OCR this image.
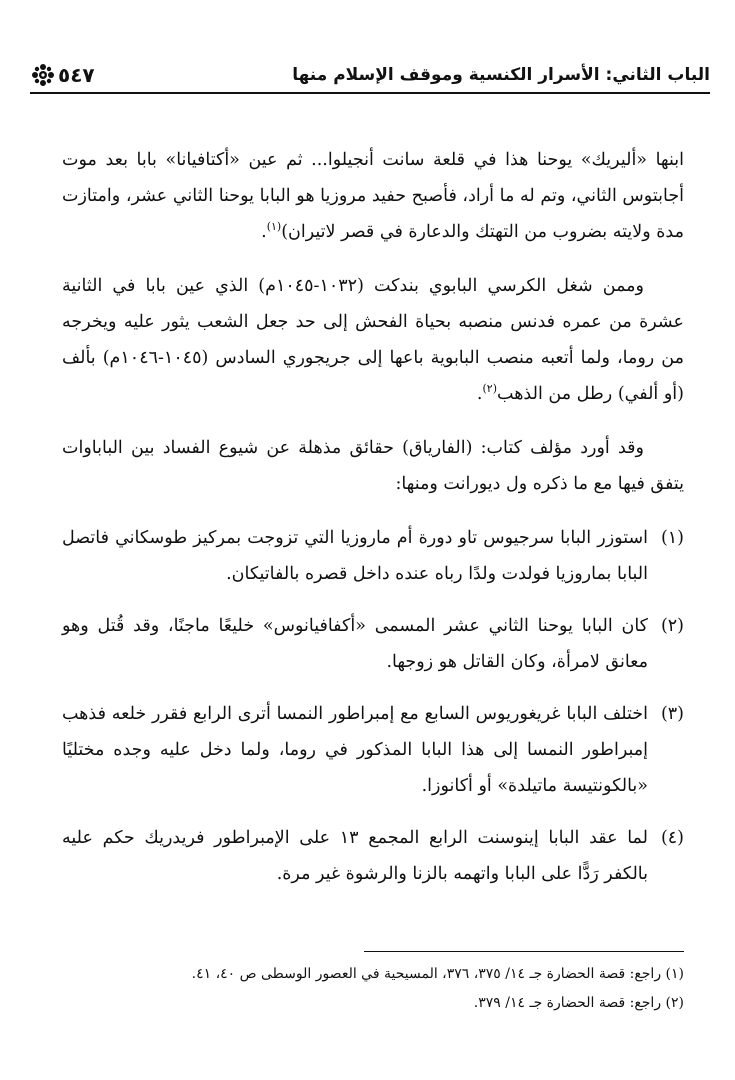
الباب الثاني: الأسرار الكنسية وموقف الإسلام منها
٥٤٧

ابنها «أليريك» يوحنا هذا في قلعة سانت أنجيلوا... ثم عين «أكتافيانا» بابا بعد موت أجابتوس الثاني، وتم له ما أراد، فأصبح حفيد مروزيا هو البابا يوحنا الثاني عشر، وامتازت مدة ولايته بضروب من التهتك والدعارة في قصر لاتيران)$^{(١)}$.

وممن شغل الكرسي البابوي بندكت (١٠٣٢-١٠٤٥م) الذي عين بابا في الثانية عشرة من عمره فدنس منصبه بحياة الفحش إلى حد جعل الشعب يثور عليه ويخرجه من روما، ولما أتعبه منصب البابوية باعها إلى جريجوري السادس (١٠٤٥-١٠٤٦م) بألف (أو ألفي) رطل من الذهب$^{(٢)}$.

وقد أورد مؤلف كتاب: (الفارياق) حقائق مذهلة عن شيوع الفساد بين الباباوات يتفق فيها مع ما ذكره ول ديورانت ومنها:

(١)
استوزر البابا سرجيوس تاو دورة أم ماروزيا التي تزوجت بمركيز طوسكاني فاتصل البابا بماروزيا فولدت ولدًا رباه عنده داخل قصره بالفاتيكان.
(٢)
كان البابا يوحنا الثاني عشر المسمى «أكفافيانوس» خليعًا ماجنًا، وقد قُتل وهو معانق لامرأة، وكان القاتل هو زوجها.
(٣)
اختلف البابا غريغوريوس السابع مع إمبراطور النمسا أترى الرابع فقرر خلعه فذهب إمبراطور النمسا إلى هذا البابا المذكور في روما، ولما دخل عليه وجده مختليًا «بالكونتيسة ماتيلدة» أو أكانوزا.
(٤)
لما عقد البابا إينوسنت الرابع المجمع ١٣ على الإمبراطور فريدريك حكم عليه بالكفر رَدًّا على البابا واتهمه بالزنا والرشوة غير مرة.

(١) راجع: قصة الحضارة جـ ١٤/ ٣٧٥، ٣٧٦، المسيحية في العصور الوسطى ص ٤٠، ٤١.

(٢) راجع: قصة الحضارة جـ ١٤/ ٣٧٩.
